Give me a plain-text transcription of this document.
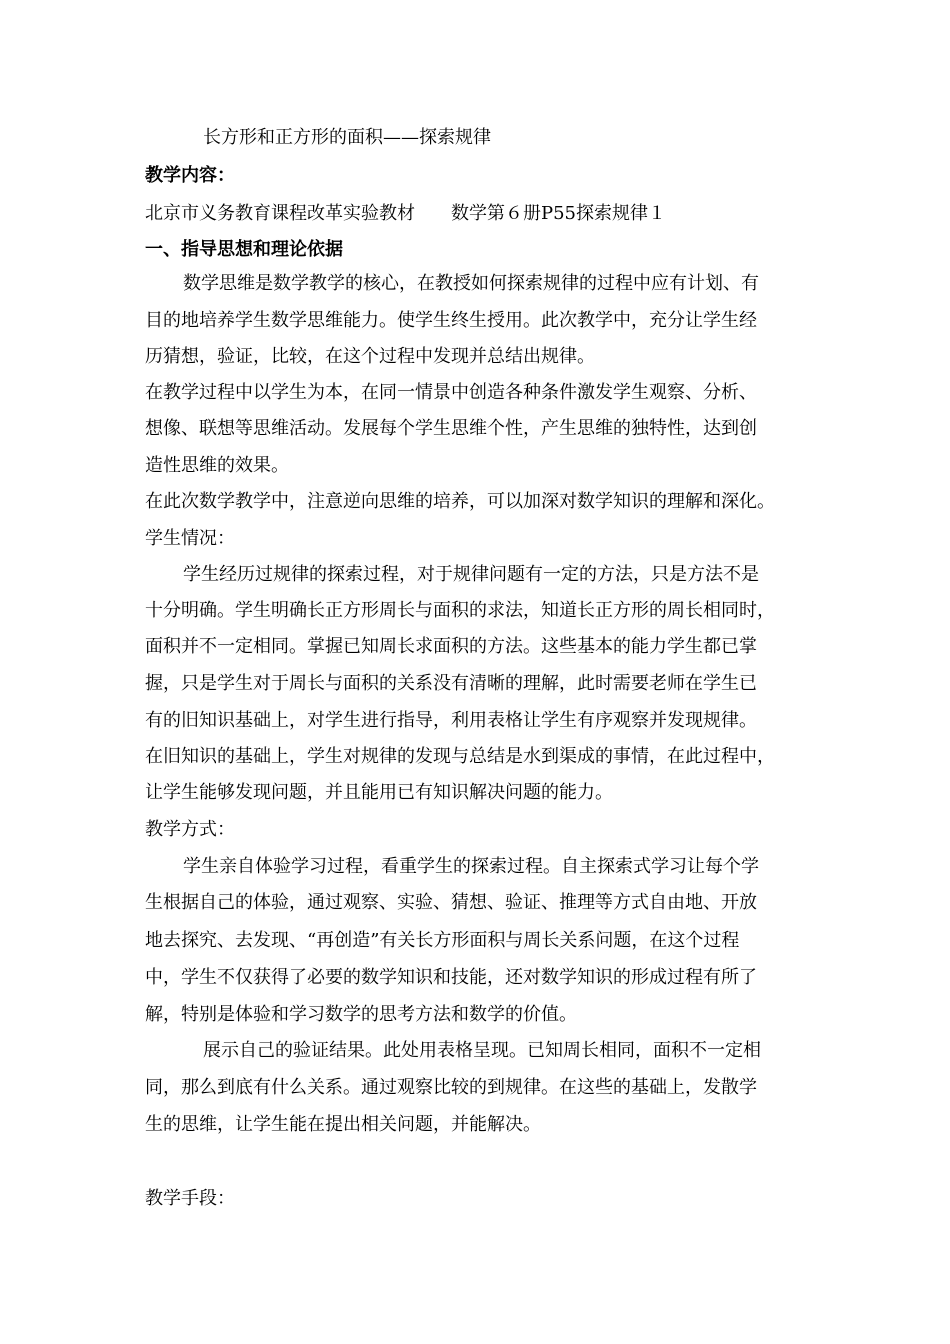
长方形和正方形的面积——探索规律
教学内容：
北京市义务教育课程改革实验教材　　数学第６册P55探索规律１
一、指导思想和理论依据
数学思维是数学教学的核心，在教授如何探索规律的过程中应有计划、有
目的地培养学生数学思维能力。使学生终生授用。此次教学中，充分让学生经
历猜想，验证，比较，在这个过程中发现并总结出规律。
在教学过程中以学生为本，在同一情景中创造各种条件激发学生观察、分析、
想像、联想等思维活动。发展每个学生思维个性，产生思维的独特性，达到创
造性思维的效果。
在此次数学教学中，注意逆向思维的培养，可以加深对数学知识的理解和深化。
学生情况：
学生经历过规律的探索过程，对于规律问题有一定的方法，只是方法不是
十分明确。学生明确长正方形周长与面积的求法，知道长正方形的周长相同时，
面积并不一定相同。掌握已知周长求面积的方法。这些基本的能力学生都已掌
握，只是学生对于周长与面积的关系没有清晰的理解，此时需要老师在学生已
有的旧知识基础上，对学生进行指导，利用表格让学生有序观察并发现规律。
在旧知识的基础上，学生对规律的发现与总结是水到渠成的事情，在此过程中，
让学生能够发现问题，并且能用已有知识解决问题的能力。
教学方式：
学生亲自体验学习过程，看重学生的探索过程。自主探索式学习让每个学
生根据自己的体验，通过观察、实验、猜想、验证、推理等方式自由地、开放
地去探究、去发现、“再创造”有关长方形面积与周长关系问题，在这个过程
中，学生不仅获得了必要的数学知识和技能，还对数学知识的形成过程有所了
解，特别是体验和学习数学的思考方法和数学的价值。
展示自己的验证结果。此处用表格呈现。已知周长相同，面积不一定相
同，那么到底有什么关系。通过观察比较的到规律。在这些的基础上，发散学
生的思维，让学生能在提出相关问题，并能解决。
教学手段：
